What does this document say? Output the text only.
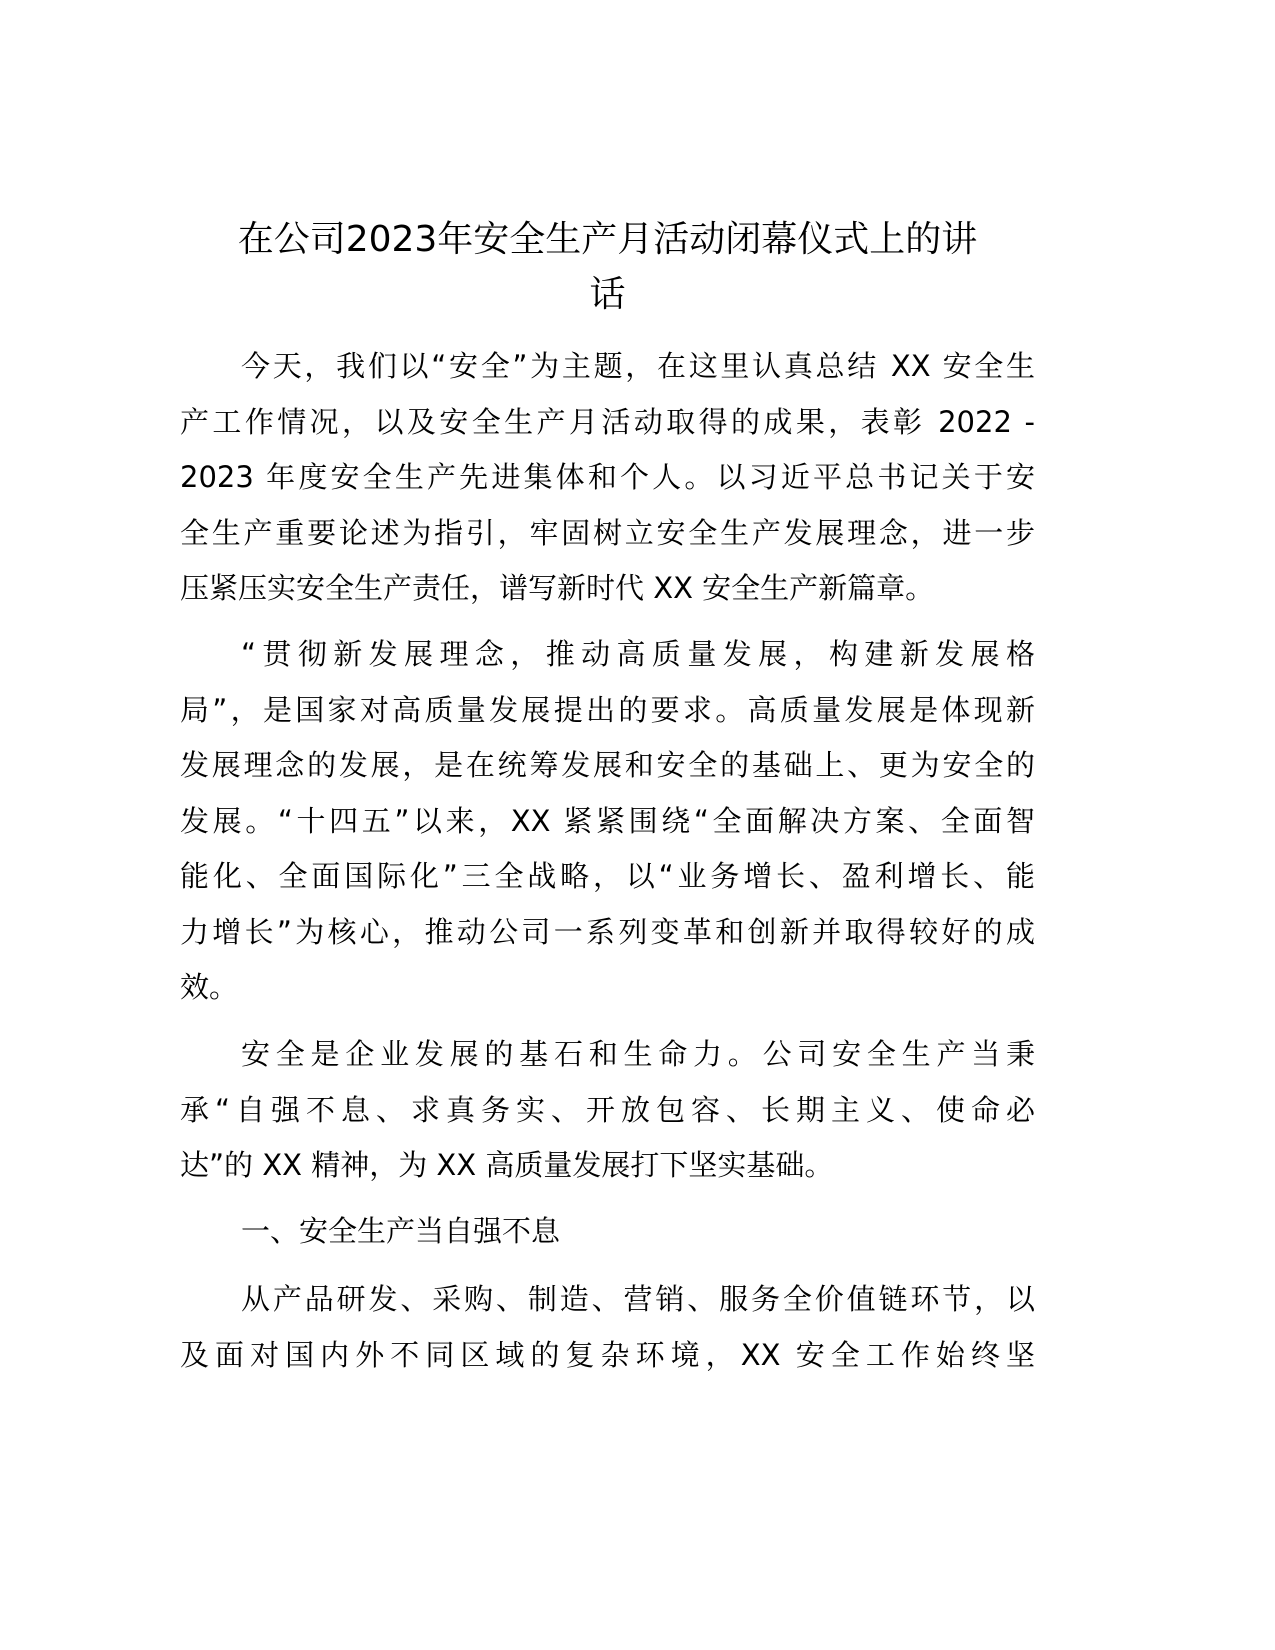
在公司2023年安全生产月活动闭幕仪式上的讲
话
今天，我们以“安全”为主题，在这里认真总结 XX 安全生
产工作情况，以及安全生产月活动取得的成果，表彰 2022 -
2023 年度安全生产先进集体和个人。以习近平总书记关于安
全生产重要论述为指引，牢固树立安全生产发展理念，进一步
压紧压实安全生产责任，谱写新时代 XX 安全生产新篇章。
“贯彻新发展理念，推动高质量发展，构建新发展格
局”，是国家对高质量发展提出的要求。高质量发展是体现新
发展理念的发展，是在统筹发展和安全的基础上、更为安全的
发展。“十四五”以来，XX 紧紧围绕“全面解决方案、全面智
能化、全面国际化”三全战略，以“业务增长、盈利增长、能
力增长”为核心，推动公司一系列变革和创新并取得较好的成
效。
安全是企业发展的基石和生命力。公司安全生产当秉
承“自强不息、求真务实、开放包容、长期主义、使命必
达”的 XX 精神，为 XX 高质量发展打下坚实基础。
一、安全生产当自强不息
从产品研发、采购、制造、营销、服务全价值链环节，以
及面对国内外不同区域的复杂环境，XX 安全工作始终坚
